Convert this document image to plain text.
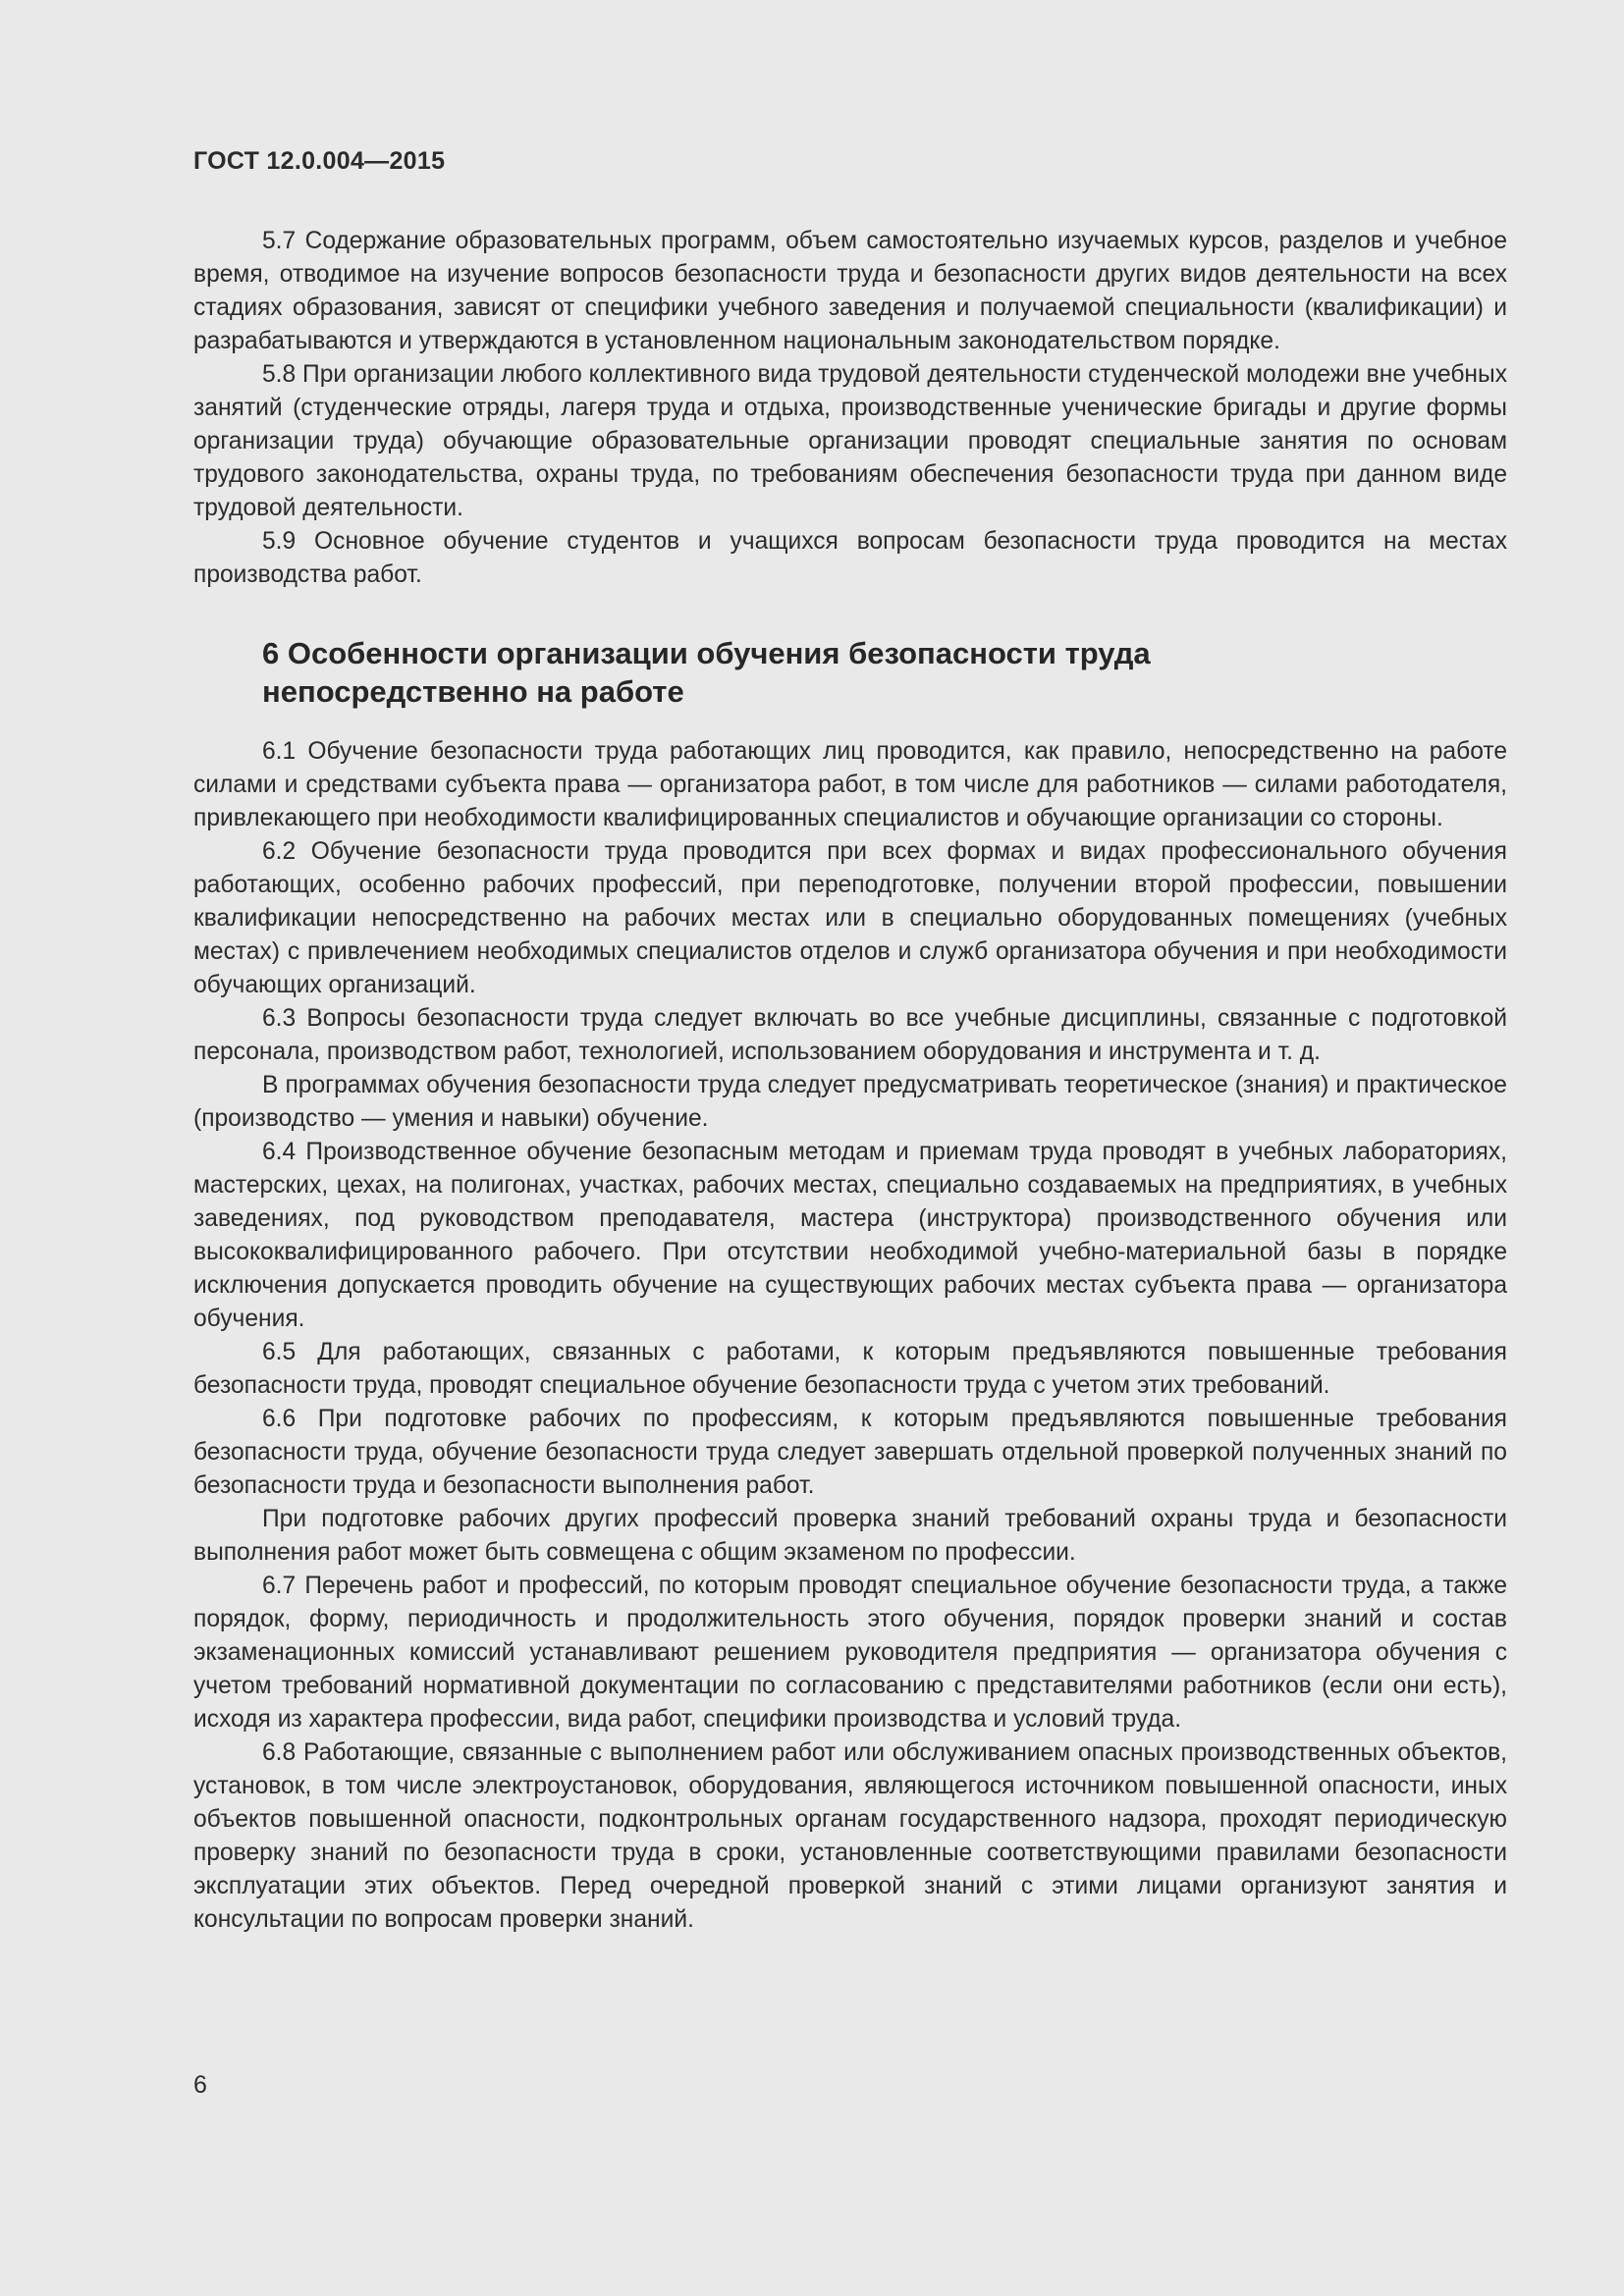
ГОСТ 12.0.004—2015

5.7 Содержание образовательных программ, объем самостоятельно изучаемых курсов, разделов и учебное время, отводимое на изучение вопросов безопасности труда и безопасности других видов деятельности на всех стадиях образования, зависят от специфики учебного заведения и получаемой специальности (квалификации) и разрабатываются и утверждаются в установленном национальным законодательством порядке.

5.8 При организации любого коллективного вида трудовой деятельности студенческой молодежи вне учебных занятий (студенческие отряды, лагеря труда и отдыха, производственные ученические бригады и другие формы организации труда) обучающие образовательные организации проводят специальные занятия по основам трудового законодательства, охраны труда, по требованиям обеспечения безопасности труда при данном виде трудовой деятельности.

5.9 Основное обучение студентов и учащихся вопросам безопасности труда проводится на местах производства работ.

6 Особенности организации обучения безопасности труда
непосредственно на работе

6.1 Обучение безопасности труда работающих лиц проводится, как правило, непосредственно на работе силами и средствами субъекта права — организатора работ, в том числе для работников — силами работодателя, привлекающего при необходимости квалифицированных специалистов и обучающие организации со стороны.

6.2 Обучение безопасности труда проводится при всех формах и видах профессионального обучения работающих, особенно рабочих профессий, при переподготовке, получении второй профессии, повышении квалификации непосредственно на рабочих местах или в специально оборудованных помещениях (учебных местах) с привлечением необходимых специалистов отделов и служб организатора обучения и при необходимости обучающих организаций.

6.3 Вопросы безопасности труда следует включать во все учебные дисциплины, связанные с подготовкой персонала, производством работ, технологией, использованием оборудования и инструмента и т. д.

В программах обучения безопасности труда следует предусматривать теоретическое (знания) и практическое (производство — умения и навыки) обучение.

6.4 Производственное обучение безопасным методам и приемам труда проводят в учебных лабораториях, мастерских, цехах, на полигонах, участках, рабочих местах, специально создаваемых на предприятиях, в учебных заведениях, под руководством преподавателя, мастера (инструктора) производственного обучения или высококвалифицированного рабочего. При отсутствии необходимой учебно-материальной базы в порядке исключения допускается проводить обучение на существующих рабочих местах субъекта права — организатора обучения.

6.5 Для работающих, связанных с работами, к которым предъявляются повышенные требования безопасности труда, проводят специальное обучение безопасности труда с учетом этих требований.

6.6 При подготовке рабочих по профессиям, к которым предъявляются повышенные требования безопасности труда, обучение безопасности труда следует завершать отдельной проверкой полученных знаний по безопасности труда и безопасности выполнения работ.

При подготовке рабочих других профессий проверка знаний требований охраны труда и безопасности выполнения работ может быть совмещена с общим экзаменом по профессии.

6.7 Перечень работ и профессий, по которым проводят специальное обучение безопасности труда, а также порядок, форму, периодичность и продолжительность этого обучения, порядок проверки знаний и состав экзаменационных комиссий устанавливают решением руководителя предприятия — организатора обучения с учетом требований нормативной документации по согласованию с представителями работников (если они есть), исходя из характера профессии, вида работ, специфики производства и условий труда.

6.8 Работающие, связанные с выполнением работ или обслуживанием опасных производственных объектов, установок, в том числе электроустановок, оборудования, являющегося источником повышенной опасности, иных объектов повышенной опасности, подконтрольных органам государственного надзора, проходят периодическую проверку знаний по безопасности труда в сроки, установленные соответствующими правилами безопасности эксплуатации этих объектов. Перед очередной проверкой знаний с этими лицами организуют занятия и консультации по вопросам проверки знаний.

6
